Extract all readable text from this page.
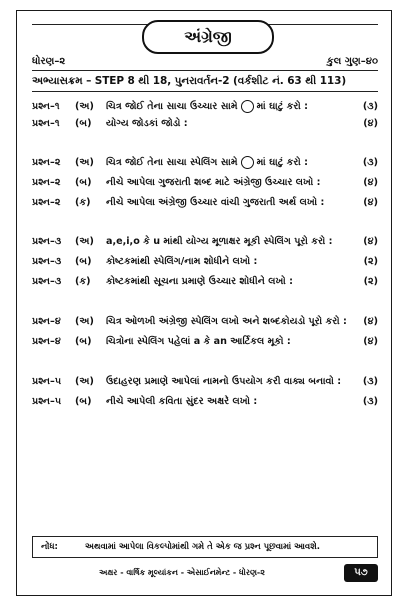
અંગ્રેજી
ધોરણ–૨	કુલ ગુણ–૪૦
અભ્યાસક્રમ – STEP 8 થી 18, પુનરાવર્તન-2 (વર્કશીટ નં. 63 થી 113)
પ્રશ્ન–૧ (અ) ચિત્ર જોઈ તેના સાચા ઉચ્ચાર સામે માં ઘાટું કરો :	(૩)
પ્રશ્ન–૧ (બ) યોગ્ય જોડકાં જોડો :	(૪)
પ્રશ્ન–૨ (અ) ચિત્ર જોઈ તેના સાચા સ્પેલિંગ સામે માં ઘાટું કરો :	(૩)
પ્રશ્ન–૨ (બ) નીચે આપેલા ગુજરાતી શબ્દ માટે અંગ્રેજી ઉચ્ચાર લખો :	(૪)
પ્રશ્ન–૨ (ક) નીચે આપેલા અંગ્રેજી ઉચ્ચાર વાંચી ગુજરાતી અર્થ લખો :	(૪)
પ્રશ્ન–૩ (અ) a,e,i,o કે u માંથી યોગ્ય મૂળાક્ષર મૂકી સ્પેલિંગ પૂરો કરો :	(૪)
પ્રશ્ન–૩ (બ) કોષ્ટકમાંથી સ્પેલિંગ/નામ શોધીને લખો :	(૨)
પ્રશ્ન–૩ (ક) કોષ્ટકમાંથી સૂચના પ્રમાણે ઉચ્ચાર શોધીને લખો :	(૨)
પ્રશ્ન–૪ (અ) ચિત્ર ઓળખી અંગ્રેજી સ્પેલિંગ લખો અને શબ્દકોયડો પૂરો કરો : (૪)
પ્રશ્ન–૪ (બ) ચિત્રોના સ્પેલિંગ પહેલાં a કે an આર્ટિકલ મૂકો :	(૪)
પ્રશ્ન–૫ (અ) ઉદાહરણ પ્રમાણે આપેલાં નામનો ઉપયોગ કરી વાક્ય બનાવો : (૩)
પ્રશ્ન–૫ (બ) નીચે આપેલી કવિતા સુંદર અક્ષરે લખો :	(૩)
નોંધ:	અથવામાં આપેલા વિકલ્પોમાંથી ગમે તે એક જ પ્રશ્ન પૂછવામાં આવશે.
અક્ષર - વાર્ષિક મૂલ્યાંકન - એસાઈનમેન્ટ - ધોરણ-૨	૫૭
